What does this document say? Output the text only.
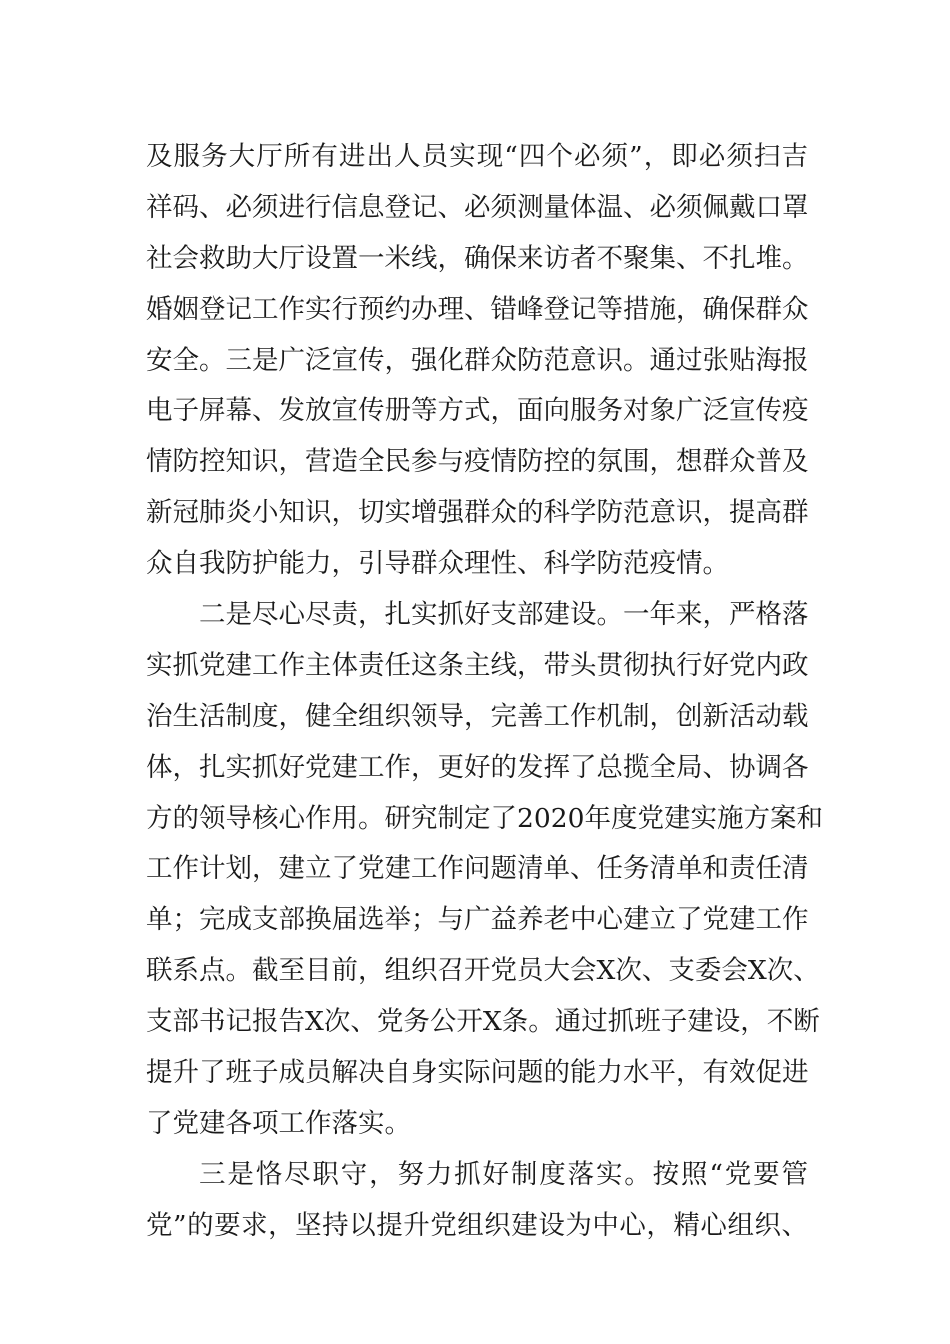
及服务大厅所有进出人员实现“四个必须”，即必须扫吉
祥码、必须进行信息登记、必须测量体温、必须佩戴口罩
社会救助大厅设置一米线，确保来访者不聚集、不扎堆。
婚姻登记工作实行预约办理、错峰登记等措施，确保群众
安全。三是广泛宣传，强化群众防范意识。通过张贴海报
电子屏幕、发放宣传册等方式，面向服务对象广泛宣传疫
情防控知识，营造全民参与疫情防控的氛围，想群众普及
新冠肺炎小知识，切实增强群众的科学防范意识，提高群
众自我防护能力，引导群众理性、科学防范疫情。
二是尽心尽责，扎实抓好支部建设。一年来，严格落
实抓党建工作主体责任这条主线，带头贯彻执行好党内政
治生活制度，健全组织领导，完善工作机制，创新活动载
体，扎实抓好党建工作，更好的发挥了总揽全局、协调各
方的领导核心作用。研究制定了2020年度党建实施方案和
工作计划，建立了党建工作问题清单、任务清单和责任清
单；完成支部换届选举；与广益养老中心建立了党建工作
联系点。截至目前，组织召开党员大会X次、支委会X次、
支部书记报告X次、党务公开X条。通过抓班子建设，不断
提升了班子成员解决自身实际问题的能力水平，有效促进
了党建各项工作落实。
三是恪尽职守，努力抓好制度落实。按照“党要管
党”的要求，坚持以提升党组织建设为中心，精心组织、
